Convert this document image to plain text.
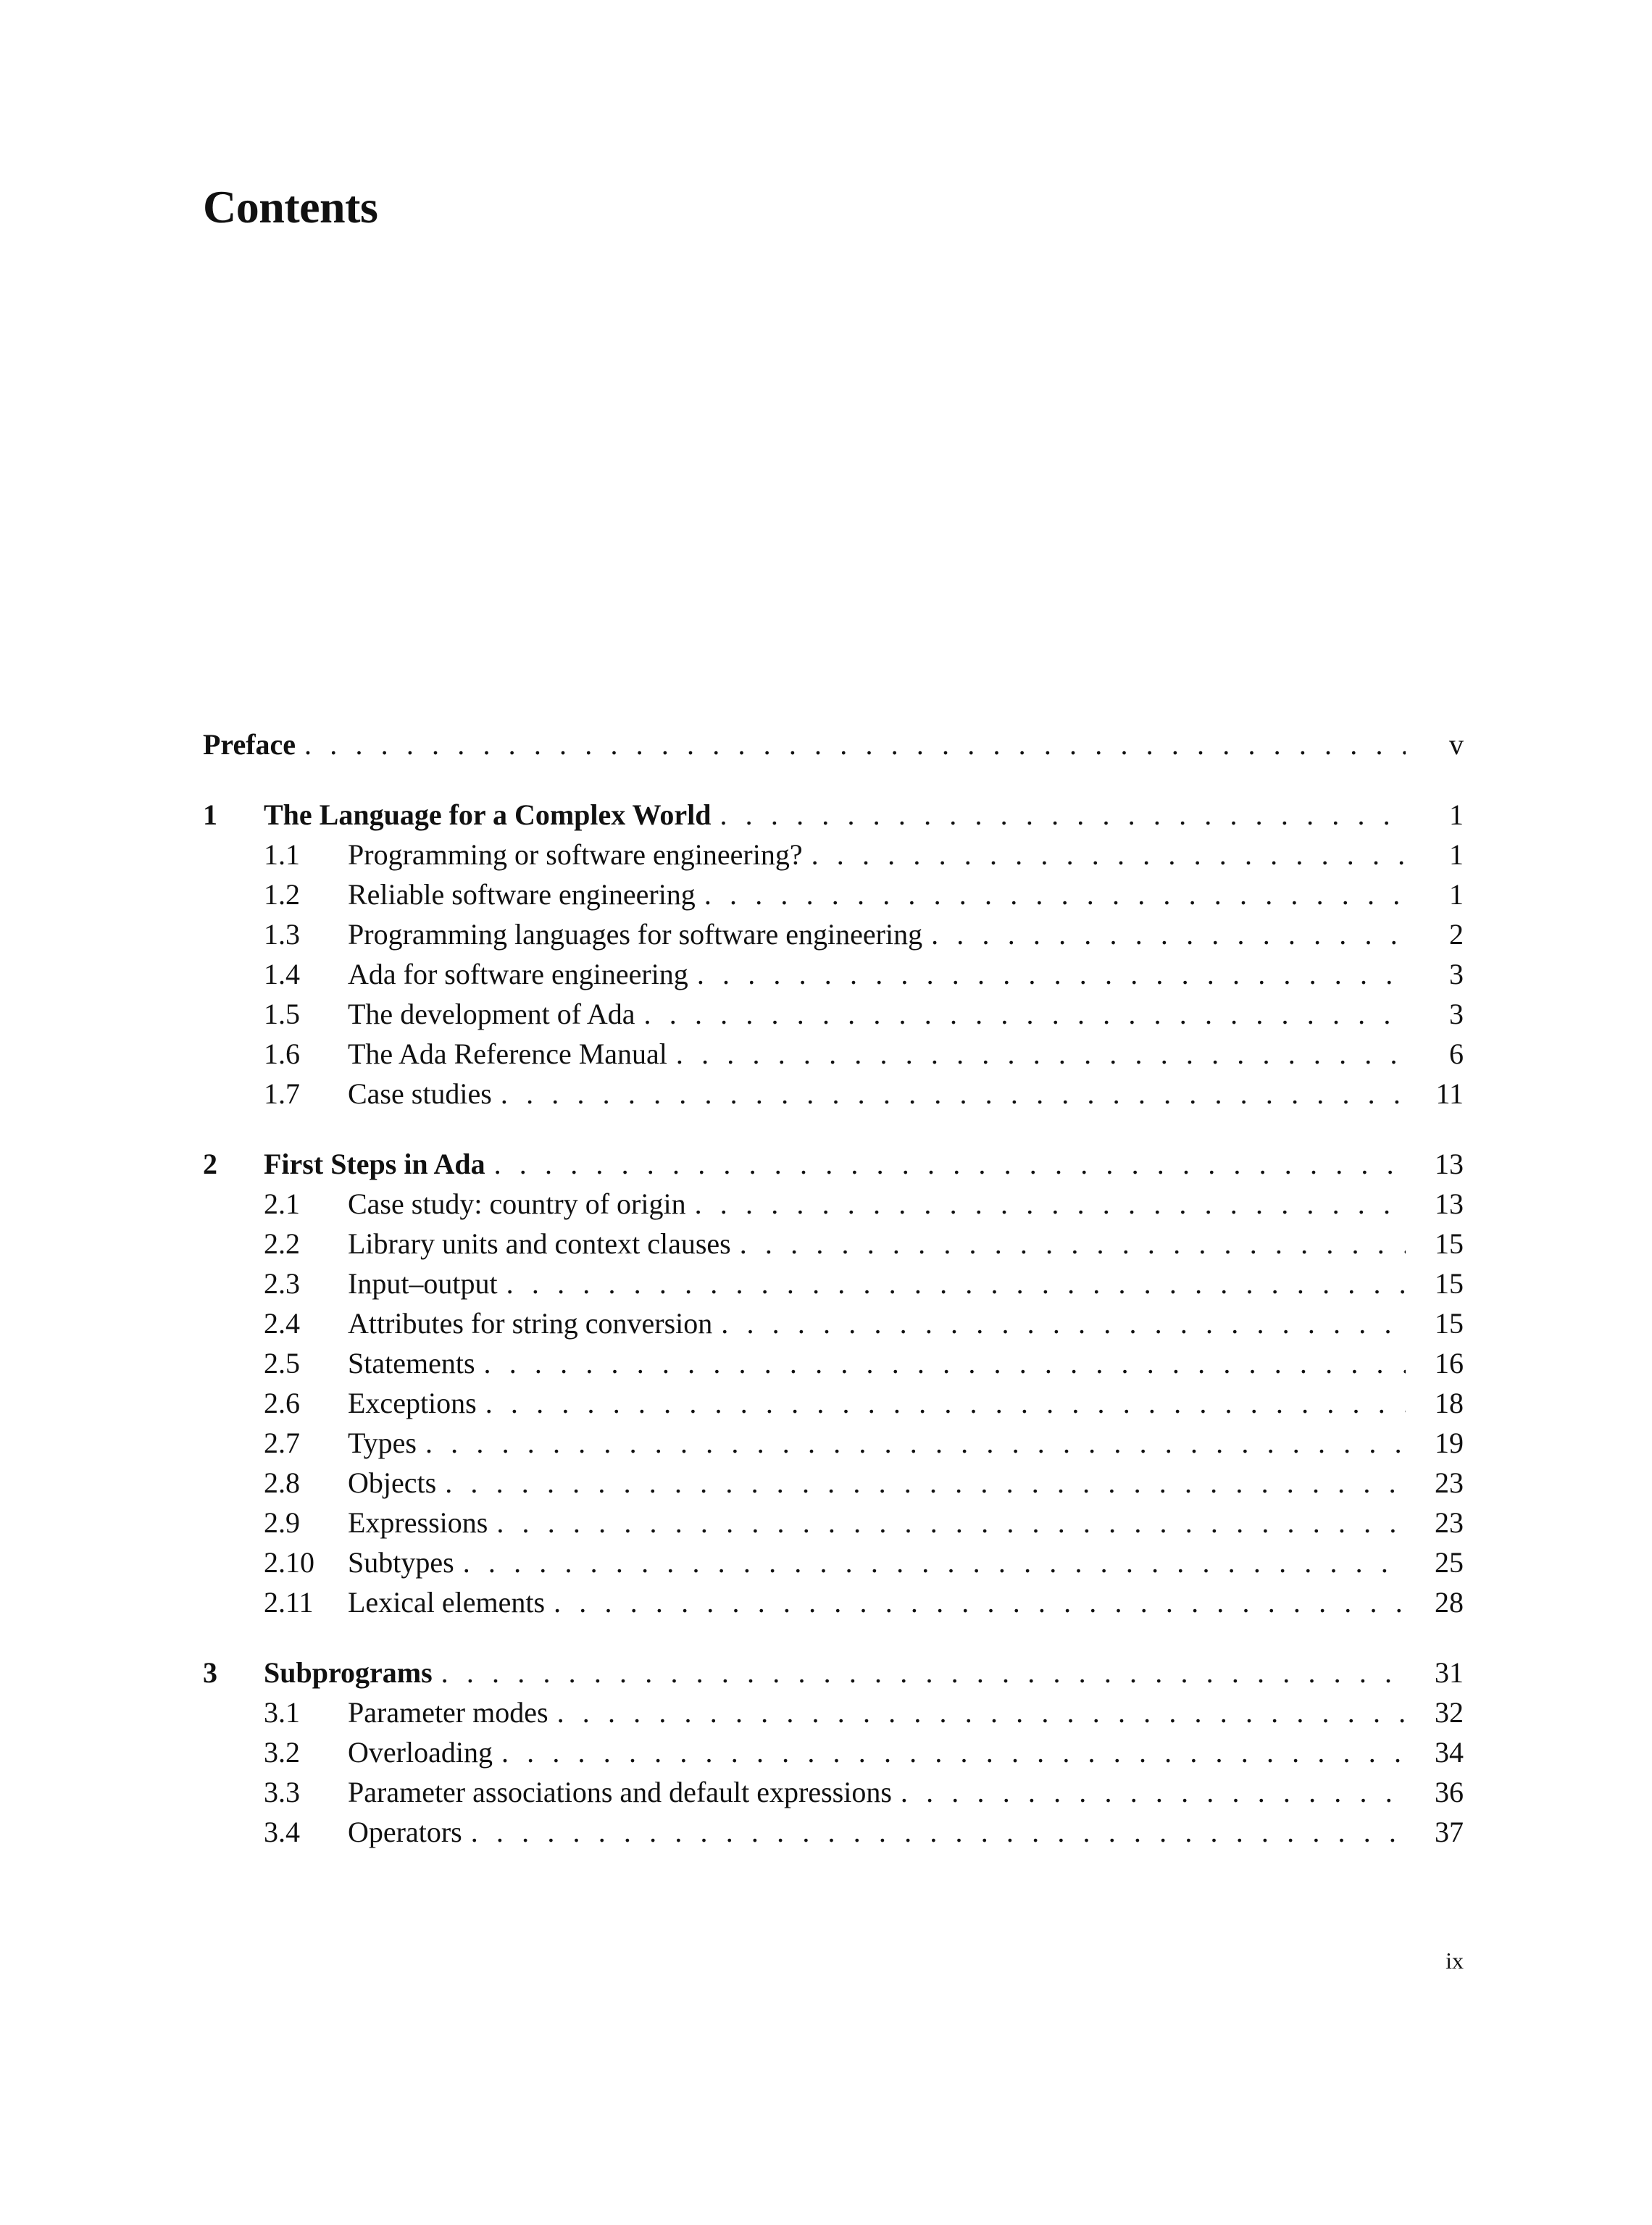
Contents
Preface . . .	v
1	The Language for a Complex World . . .	1
1.1 Programming or software engineering? . . .	1
1.2 Reliable software engineering . . .	1
1.3 Programming languages for software engineering . . .	2
1.4 Ada for software engineering . . .	3
1.5 The development of Ada . . .	3
1.6 The Ada Reference Manual . . .	6
1.7 Case studies . . .	11
2	First Steps in Ada . . .	13
2.1 Case study: country of origin . . .	13
2.2 Library units and context clauses . . .	15
2.3 Input–output . . .	15
2.4 Attributes for string conversion . . .	15
2.5 Statements . . .	16
2.6 Exceptions . . .	18
2.7 Types . . .	19
2.8 Objects . . .	23
2.9 Expressions . . .	23
2.10 Subtypes . . .	25
2.11 Lexical elements . . .	28
3	Subprograms . . .	31
3.1 Parameter modes . . .	32
3.2 Overloading . . .	34
3.3 Parameter associations and default expressions . . .	36
3.4 Operators . . .	37
ix
